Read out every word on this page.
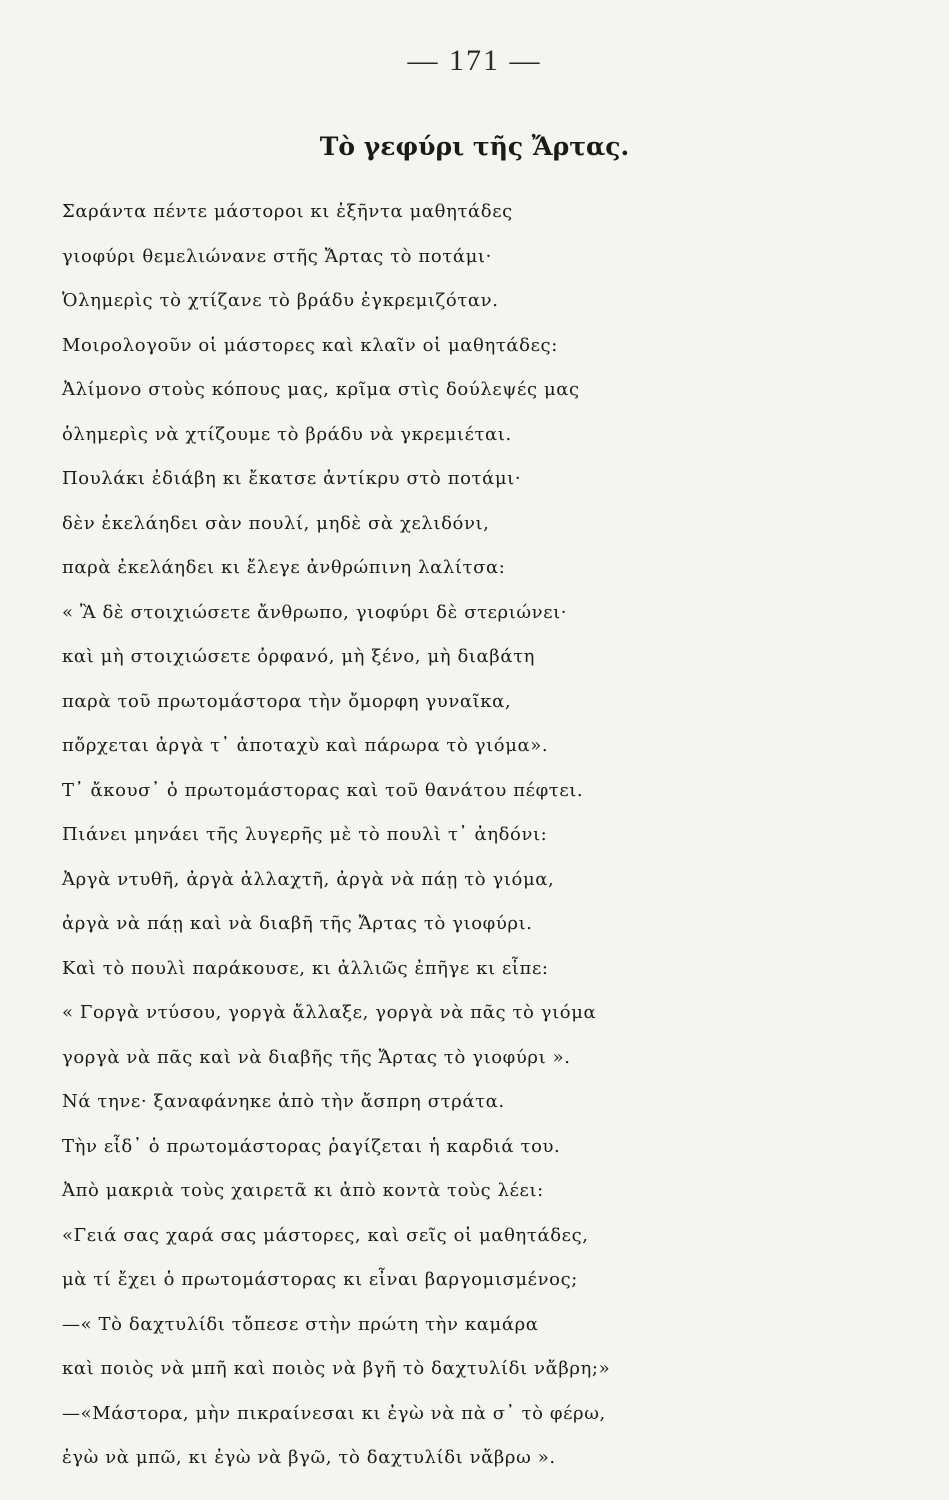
— 171 —
Τὸ γεφύρι τῆς Ἄρτας.
Σαράντα πέντε μάστοροι κι ἑξῆντα μαθητάδες
γιοφύρι θεμελιώνανε στῆς Ἄρτας τὸ ποτάμι·
Ὁλημερὶς τὸ χτίζανε τὸ βράδυ ἐγκρεμιζόταν.
Μοιρολογοῦν οἱ μάστορες καὶ κλαῖν οἱ μαθητάδες:
Ἀλίμονο στοὺς κόπους μας, κρῖμα στὶς δούλεψές μας
ὁλημερὶς νὰ χτίζουμε τὸ βράδυ νὰ γκρεμιέται.
Πουλάκι ἐδιάβη κι ἔκατσε ἀντίκρυ στὸ ποτάμι·
δὲν ἐκελάηδει σὰν πουλί, μηδὲ σὰ χελιδόνι,
παρὰ ἐκελάηδει κι ἔλεγε ἀνθρώπινη λαλίτσα:
« Ἂ δὲ στοιχιώσετε ἄνθρωπο, γιοφύρι δὲ στεριώνει·
καὶ μὴ στοιχιώσετε ὀρφανό, μὴ ξένο, μὴ διαβάτη
παρὰ τοῦ πρωτομάστορα τὴν ὄμορφη γυναῖκα,
πὄρχεται ἀργὰ τ᾿ ἀποταχὺ καὶ πάρωρα τὸ γιόμα».
Τ᾿ ἄκουσ᾿ ὁ πρωτομάστορας καὶ τοῦ θανάτου πέφτει.
Πιάνει μηνάει τῆς λυγερῆς μὲ τὸ πουλὶ τ᾿ ἀηδόνι:
Ἀργὰ ντυθῆ, ἀργὰ ἀλλαχτῆ, ἀργὰ νὰ πάῃ τὸ γιόμα,
ἀργὰ νὰ πάῃ καὶ νὰ διαβῆ τῆς Ἄρτας τὸ γιοφύρι.
Καὶ τὸ πουλὶ παράκουσε, κι ἀλλιῶς ἐπῆγε κι εἶπε:
« Γοργὰ ντύσου, γοργὰ ἄλλαξε, γοργὰ νὰ πᾶς τὸ γιόμα
γοργὰ νὰ πᾶς καὶ νὰ διαβῆς τῆς Ἄρτας τὸ γιοφύρι ».
Νά τηνε· ξαναφάνηκε ἀπὸ τὴν ἄσπρη στράτα.
Τὴν εἶδ᾿ ὁ πρωτομάστορας ῥαγίζεται ἡ καρδιά του.
Ἀπὸ μακριὰ τοὺς χαιρετᾶ κι ἀπὸ κοντὰ τοὺς λέει:
«Γειά σας χαρά σας μάστορες, καὶ σεῖς οἱ μαθητάδες,
μὰ τί ἔχει ὁ πρωτομάστορας κι εἶναι βαργομισμένος;
—« Τὸ δαχτυλίδι τὄπεσε στὴν πρώτη τὴν καμάρα
καὶ ποιὸς νὰ μπῆ καὶ ποιὸς νὰ βγῆ τὸ δαχτυλίδι νἄβρη;»
—«Μάστορα, μὴν πικραίνεσαι κι ἐγὼ νὰ πὰ σ᾿ τὸ φέρω,
ἐγὼ νὰ μπῶ, κι ἐγὼ νὰ βγῶ, τὸ δαχτυλίδι νἄβρω ».
